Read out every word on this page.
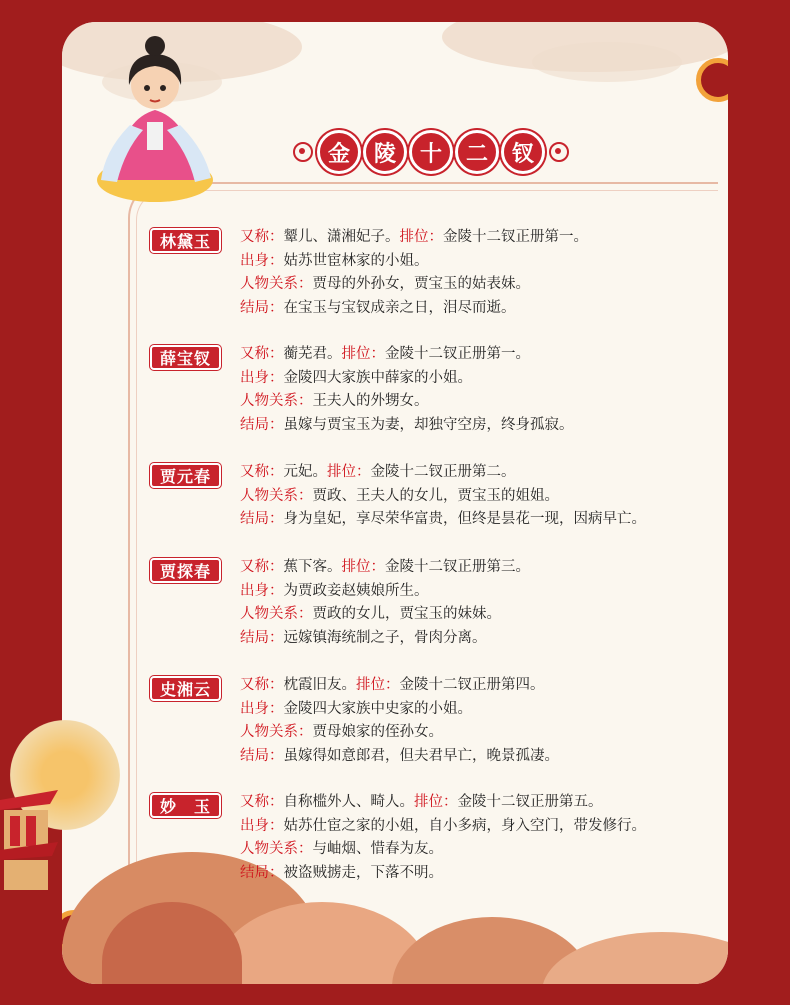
金	陵	十	二	钗
林黛玉	又称：颦儿、潇湘妃子。排位：金陵十二钗正册第一。
出身：姑苏世宦林家的小姐。
人物关系：贾母的外孙女，贾宝玉的姑表妹。
结局：在宝玉与宝钗成亲之日，泪尽而逝。
薛宝钗	又称：蘅芜君。排位：金陵十二钗正册第一。
出身：金陵四大家族中薛家的小姐。
人物关系：王夫人的外甥女。
结局：虽嫁与贾宝玉为妻，却独守空房，终身孤寂。
贾元春	又称：元妃。排位：金陵十二钗正册第二。
人物关系：贾政、王夫人的女儿，贾宝玉的姐姐。
结局：身为皇妃，享尽荣华富贵，但终是昙花一现，因病早亡。
贾探春	又称：蕉下客。排位：金陵十二钗正册第三。
出身：为贾政妾赵姨娘所生。
人物关系：贾政的女儿，贾宝玉的妹妹。
结局：远嫁镇海统制之子，骨肉分离。
史湘云	又称：枕霞旧友。排位：金陵十二钗正册第四。
出身：金陵四大家族中史家的小姐。
人物关系：贾母娘家的侄孙女。
结局：虽嫁得如意郎君，但夫君早亡，晚景孤凄。
妙　玉	又称：自称槛外人、畸人。排位：金陵十二钗正册第五。
出身：姑苏仕宦之家的小姐，自小多病，身入空门，带发修行。
人物关系：与岫烟、惜春为友。
结局：被盗贼掳走，下落不明。
